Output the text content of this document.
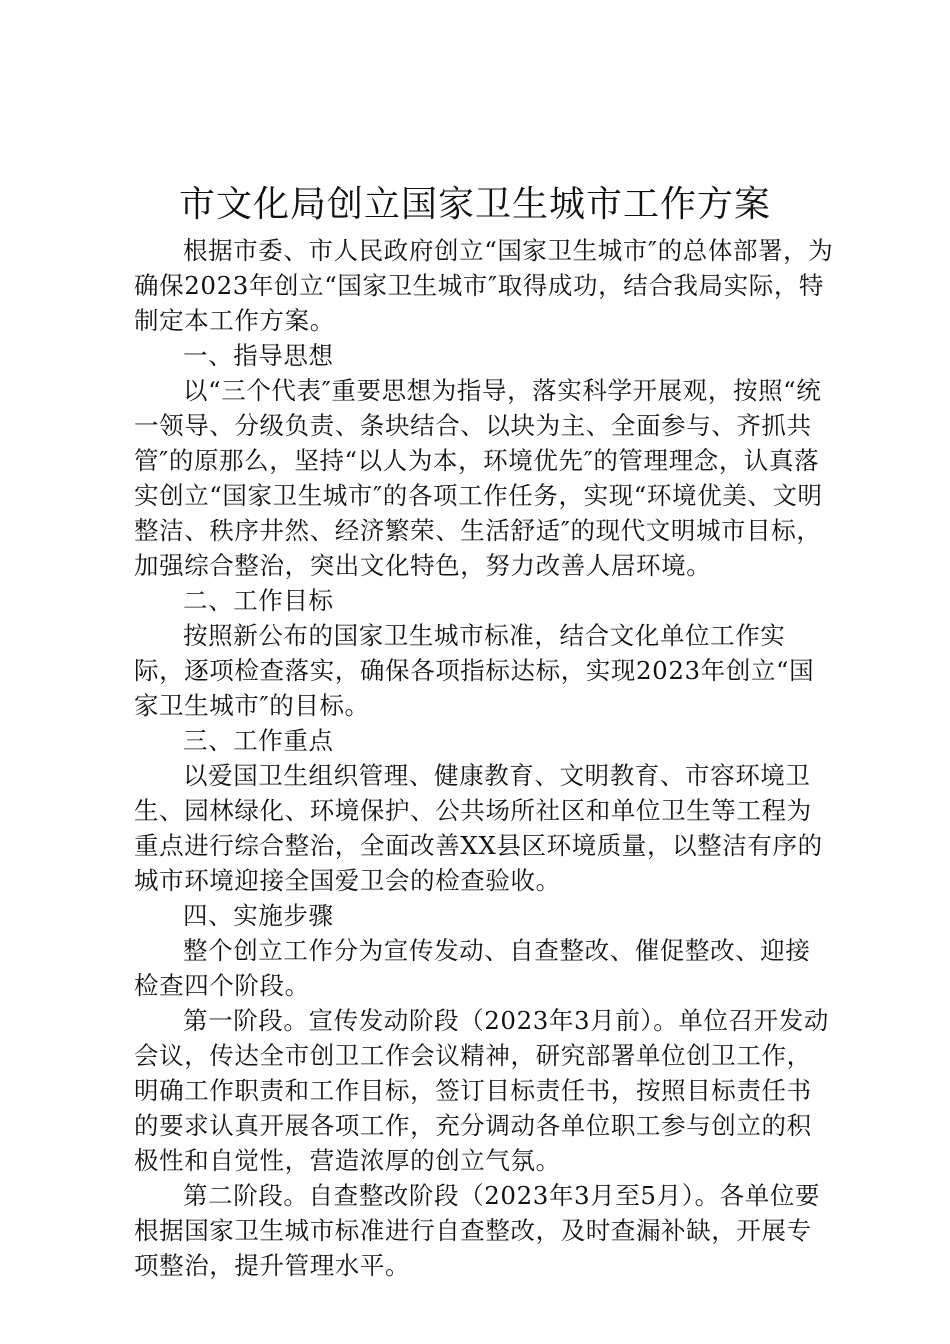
市文化局创立国家卫生城市工作方案

根据市委、市人民政府创立“国家卫生城市″的总体部署，为确保2023年创立“国家卫生城市″取得成功，结合我局实际，特制定本工作方案。

一、指导思想

以“三个代表″重要思想为指导，落实科学开展观，按照“统一领导、分级负责、条块结合、以块为主、全面参与、齐抓共管″的原那么，坚持“以人为本，环境优先″的管理理念，认真落实创立“国家卫生城市″的各项工作任务，实现“环境优美、文明整洁、秩序井然、经济繁荣、生活舒适″的现代文明城市目标，加强综合整治，突出文化特色，努力改善人居环境。

二、工作目标

按照新公布的国家卫生城市标准，结合文化单位工作实际，逐项检查落实，确保各项指标达标，实现2023年创立“国家卫生城市″的目标。

三、工作重点

以爱国卫生组织管理、健康教育、文明教育、市容环境卫生、园林绿化、环境保护、公共场所社区和单位卫生等工程为重点进行综合整治，全面改善XX县区环境质量，以整洁有序的城市环境迎接全国爱卫会的检查验收。

四、实施步骤

整个创立工作分为宣传发动、自查整改、催促整改、迎接检查四个阶段。

第一阶段。宣传发动阶段（2023年3月前）。单位召开发动会议，传达全市创卫工作会议精神，研究部署单位创卫工作，明确工作职责和工作目标，签订目标责任书，按照目标责任书的要求认真开展各项工作，充分调动各单位职工参与创立的积极性和自觉性，营造浓厚的创立气氛。

第二阶段。自查整改阶段（2023年3月至5月）。各单位要根据国家卫生城市标准进行自查整改，及时查漏补缺，开展专项整治，提升管理水平。
